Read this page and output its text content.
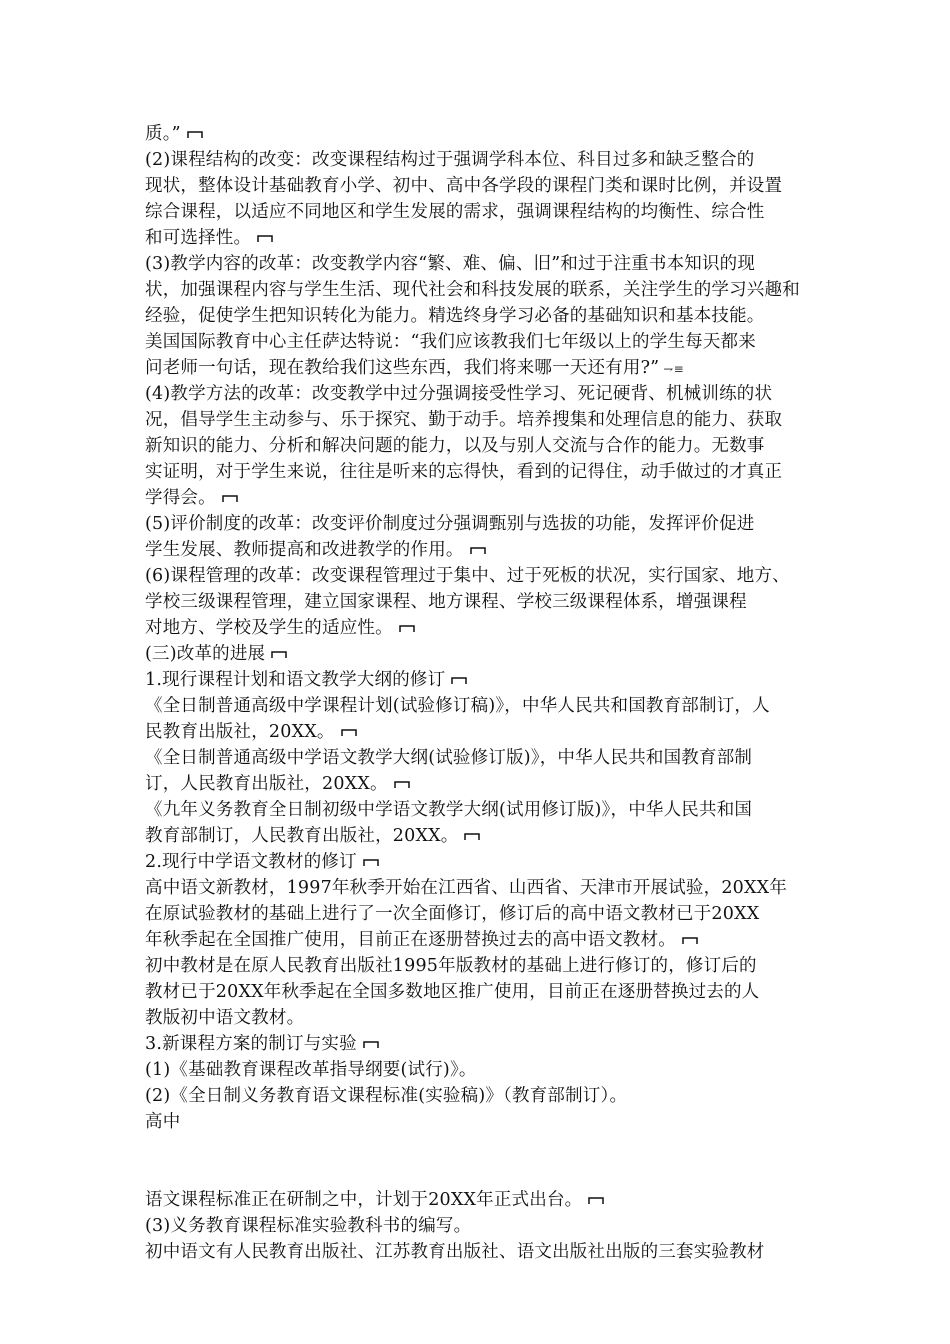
质。”
(2)课程结构的改变：改变课程结构过于强调学科本位、科目过多和缺乏整合的
现状，整体设计基础教育小学、初中、高中各学段的课程门类和课时比例，并设置
综合课程，以适应不同地区和学生发展的需求，强调课程结构的均衡性、综合性
和可选择性。
(3)教学内容的改革：改变教学内容“繁、难、偏、旧”和过于注重书本知识的现
状，加强课程内容与学生生活、现代社会和科技发展的联系，关注学生的学习兴趣和
经验，促使学生把知识转化为能力。精选终身学习必备的基础知识和基本技能。
美国国际教育中心主任萨达特说：“我们应该教我们七年级以上的学生每天都来
问老师一句话，现在教给我们这些东西，我们将来哪一天还有用?” ⇁≡
(4)教学方法的改革：改变教学中过分强调接受性学习、死记硬背、机械训练的状
况，倡导学生主动参与、乐于探究、勤于动手。培养搜集和处理信息的能力、获取
新知识的能力、分析和解决问题的能力，以及与别人交流与合作的能力。无数事
实证明，对于学生来说，往往是听来的忘得快，看到的记得住，动手做过的才真正
学得会。
(5)评价制度的改革：改变评价制度过分强调甄别与选拔的功能，发挥评价促进
学生发展、教师提高和改进教学的作用。
(6)课程管理的改革：改变课程管理过于集中、过于死板的状况，实行国家、地方、
学校三级课程管理，建立国家课程、地方课程、学校三级课程体系，增强课程
对地方、学校及学生的适应性。
(三)改革的进展
1.现行课程计划和语文教学大纲的修订
《全日制普通高级中学课程计划(试验修订稿)》，中华人民共和国教育部制订，人
民教育出版社，20XX。
《全日制普通高级中学语文教学大纲(试验修订版)》，中华人民共和国教育部制
订，人民教育出版社，20XX。
《九年义务教育全日制初级中学语文教学大纲(试用修订版)》，中华人民共和国
教育部制订，人民教育出版社，20XX。
2.现行中学语文教材的修订
高中语文新教材，1997年秋季开始在江西省、山西省、天津市开展试验，20XX年
在原试验教材的基础上进行了一次全面修订，修订后的高中语文教材已于20XX
年秋季起在全国推广使用，目前正在逐册替换过去的高中语文教材。
初中教材是在原人民教育出版社1995年版教材的基础上进行修订的，修订后的
教材已于20XX年秋季起在全国多数地区推广使用，目前正在逐册替换过去的人
教版初中语文教材。
3.新课程方案的制订与实验
(1)《基础教育课程改革指导纲要(试行)》。
(2)《全日制义务教育语文课程标准(实验稿)》（教育部制订）。
高中
语文课程标准正在研制之中，计划于20XX年正式出台。
(3)义务教育课程标准实验教科书的编写。
初中语文有人民教育出版社、江苏教育出版社、语文出版社出版的三套实验教材
